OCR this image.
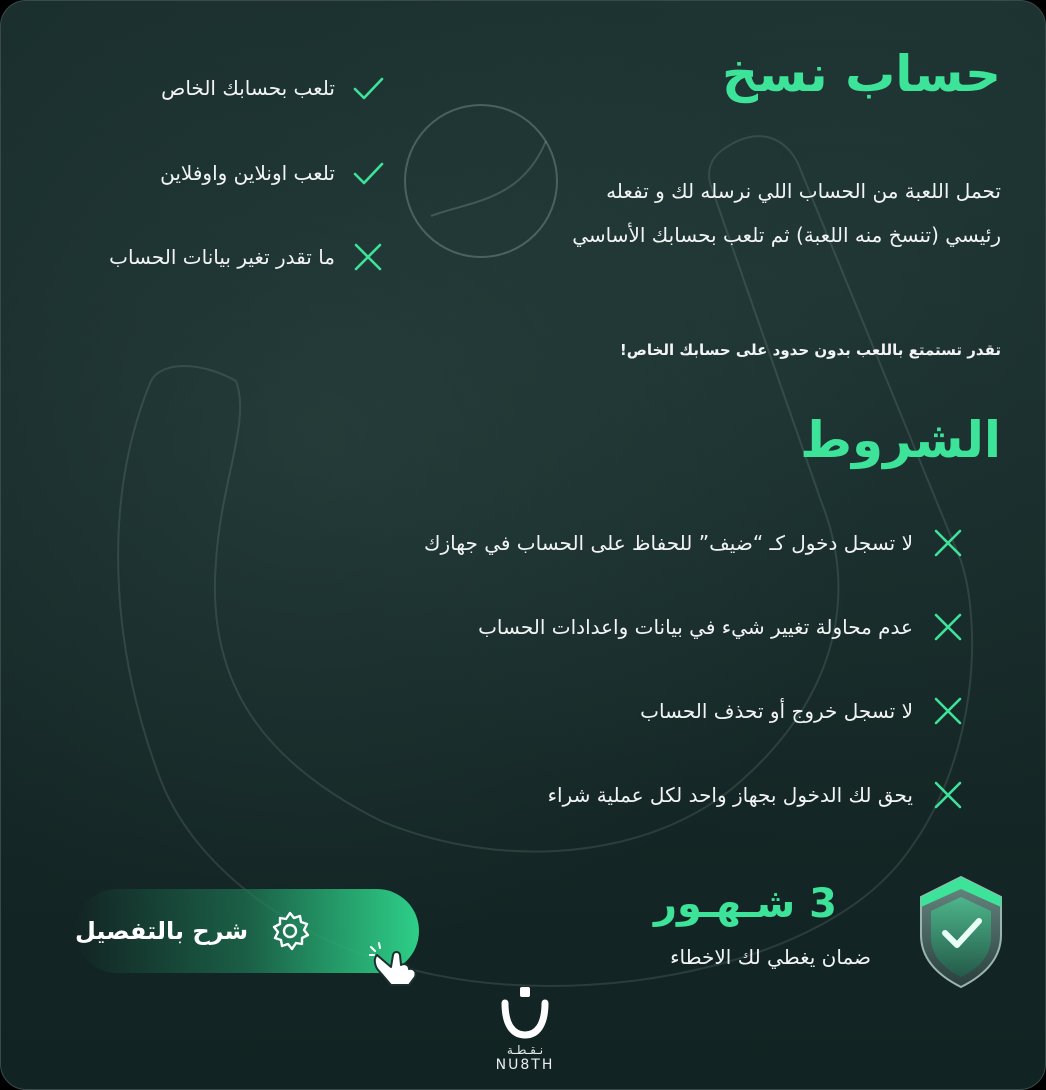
حساب نسخ
تحمل اللعبة من الحساب اللي نرسله لك و تفعله رئيسي (تنسخ منه اللعبة) ثم تلعب بحسابك الأساسي
تقدر تستمتع باللعب بدون حدود على حسابك الخاص!
تلعب بحسابك الخاص
تلعب اونلاين واوفلاين
ما تقدر تغير بيانات الحساب
الشروط
لا تسجل دخول كـ “ضيف” للحفاظ على الحساب في جهازك
عدم محاولة تغيير شيء في بيانات واعدادات الحساب
لا تسجل خروج أو تحذف الحساب
يحق لك الدخول بجهاز واحد لكل عملية شراء
3 شـهـور
ضمان يغطي لك الاخطاء
شرح بالتفصيل
نـقـطـة
NU8TH
